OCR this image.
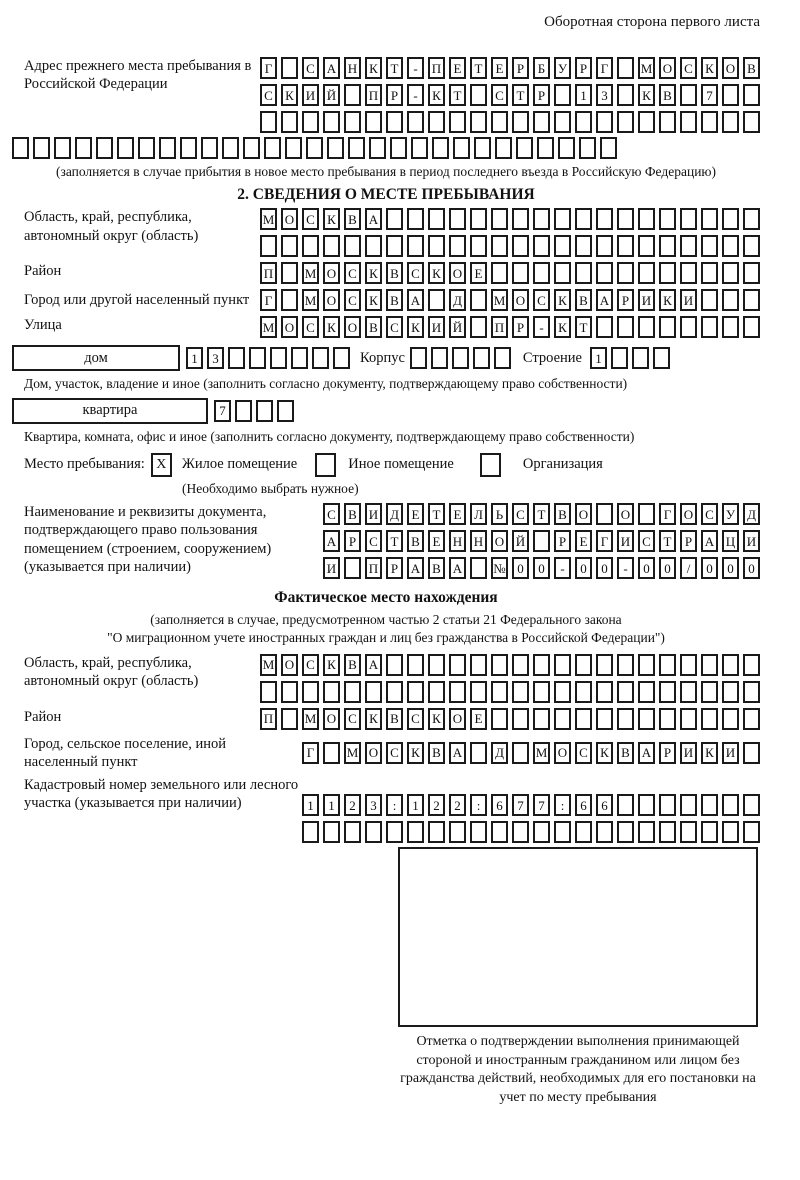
Оборотная сторона первого листа
Адрес прежнего места пребывания в Российской Федерации
Г	С А Н К Т	-	П Е	Т	Е	Р	Б У Р	Г	М О С К О В
С К И Й	П Р	-	К Т	С Т	Р	1	3	К В	7
(заполняется в случае прибытия в новое место пребывания в период последнего въезда в Российскую Федерацию)
2. СВЕДЕНИЯ О МЕСТЕ ПРЕБЫВАНИЯ
Область, край, республика, автономный округ (область)
М О С К В А
Район	П М О С К В С К О Е
Город или другой населенный пункт	Г	М О С К В А	Д	М О С К В А Р И К И
Улица	М О С К О В С К И Й	П Р	-	К Т
дом	1	3	Корпус	Строение	1
Дом, участок, владение и иное (заполнить согласно документу, подтверждающему право собственности)
квартира	7
Квартира, комната, офис и иное (заполнить согласно документу, подтверждающему право собственности)
Место пребывания: X	Жилое помещение	Иное помещение	Организация
(Необходимо выбрать нужное)
Наименование и реквизиты документа, подтверждающего право пользования помещением (строением, сооружением) (указывается при наличии)
С В И Д Е	Т	Е Л Ь С Т В О	О	Г О С У Д
А Р	С Т В Е Н Н О Й	Р	Е	Г И С Т	Р А Ц И
И	П Р А В А № 0	0	-	0	0	-	0	0	/	0	0	0
Фактическое место нахождения
(заполняется в случае, предусмотренном частью 2 статьи 21 Федерального закона
"О миграционном учете иностранных граждан и лиц без гражданства в Российской Федерации")
Область, край, республика, автономный округ (область)
М О С К В А
Район	П М О С К В С К О Е
Город, сельское поселение, иной населенный пункт
Г	М О С К В А	Д	М О С К В А Р И К И
Кадастровый номер земельного или лесного участка (указывается при наличии)	1	1	2	3	:	1	2	2	:	6	7	7	:	6	6
Отметка о подтверждении выполнения принимающей стороной и иностранным гражданином или лицом без гражданства действий, необходимых для его постановки на учет по месту пребывания
